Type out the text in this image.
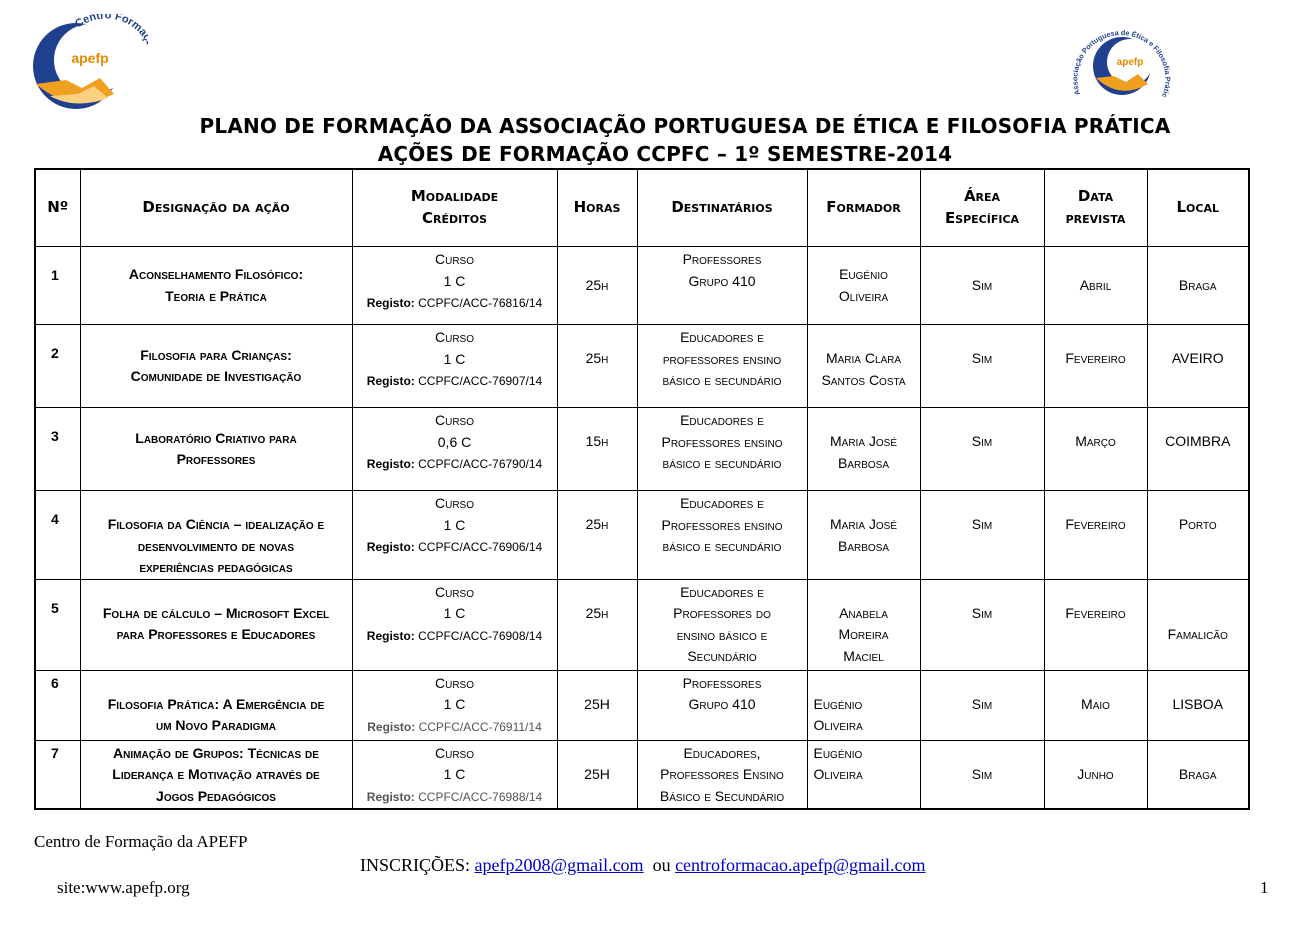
apefp
Centro Form
apefp
Associação Portuguesa de Ética e Filosofia Prátic
PLANO DE FORMAÇÃO DA ASSOCIAÇÃO PORTUGUESA DE ÉTICA E FILOSOFIA PRÁTICA
AÇÕES DE FORMAÇÃO CCPFC – 1º SEMESTRE-2014
Nº	Designação da ação	Modalidade
Créditos	Horas	Destinatários	Formador	Área
Específica	Data
prevista	Local
1	Aconselhamento Filosófico:
Teoria e Prática	Curso
1 C
Registo: CCPFC/ACC-76816/14	25h	Professores
Grupo 410	Eugénio
Oliveira	Sim	Abril	Braga
2	Filosofia para Crianças:
Comunidade de Investigação	Curso
1 C
Registo: CCPFC/ACC-76907/14	25h	Educadores e
professores ensino
básico e secundário	Maria Clara
Santos Costa	Sim	Fevereiro	AVEIRO
3	Laboratório Criativo para
Professores	Curso
0,6 C
Registo: CCPFC/ACC-76790/14	15h	Educadores e
Professores ensino
básico e secundário	Maria José
Barbosa	Sim	Março	COIMBRA
4	Filosofia da Ciência – idealização e
desenvolvimento de novas
experiências pedagógicas	Curso
1 C
Registo: CCPFC/ACC-76906/14	25h	Educadores e
Professores ensino
básico e secundário	Maria José
Barbosa	Sim	Fevereiro	Porto
5	Folha de cálculo – Microsoft Excel
para Professores e Educadores	Curso
1 C
Registo: CCPFC/ACC-76908/14	25h	Educadores e
Professores do
ensino básico e
Secundário	Anabela
Moreira
Maciel	Sim	Fevereiro	Famalicão
6	Filosofia Prática: A Emergência de
um Novo Paradigma	Curso
1 C
Registo: CCPFC/ACC-76911/14	25H	Professores
Grupo 410	Eugénio
Oliveira	Sim	Maio	LISBOA
7	Animação de Grupos: Técnicas de
Liderança e Motivação através de
Jogos Pedagógicos	Curso
1 C
Registo: CCPFC/ACC-76988/14	25H	Educadores,
Professores Ensino
Básico e Secundário	Eugénio
Oliveira	Sim	Junho	Braga
Centro de Formação da APEFP
INSCRIÇÕES: apefp2008@gmail.com ou centroformacao.apefp@gmail.com
site:www.apefp.org	1
